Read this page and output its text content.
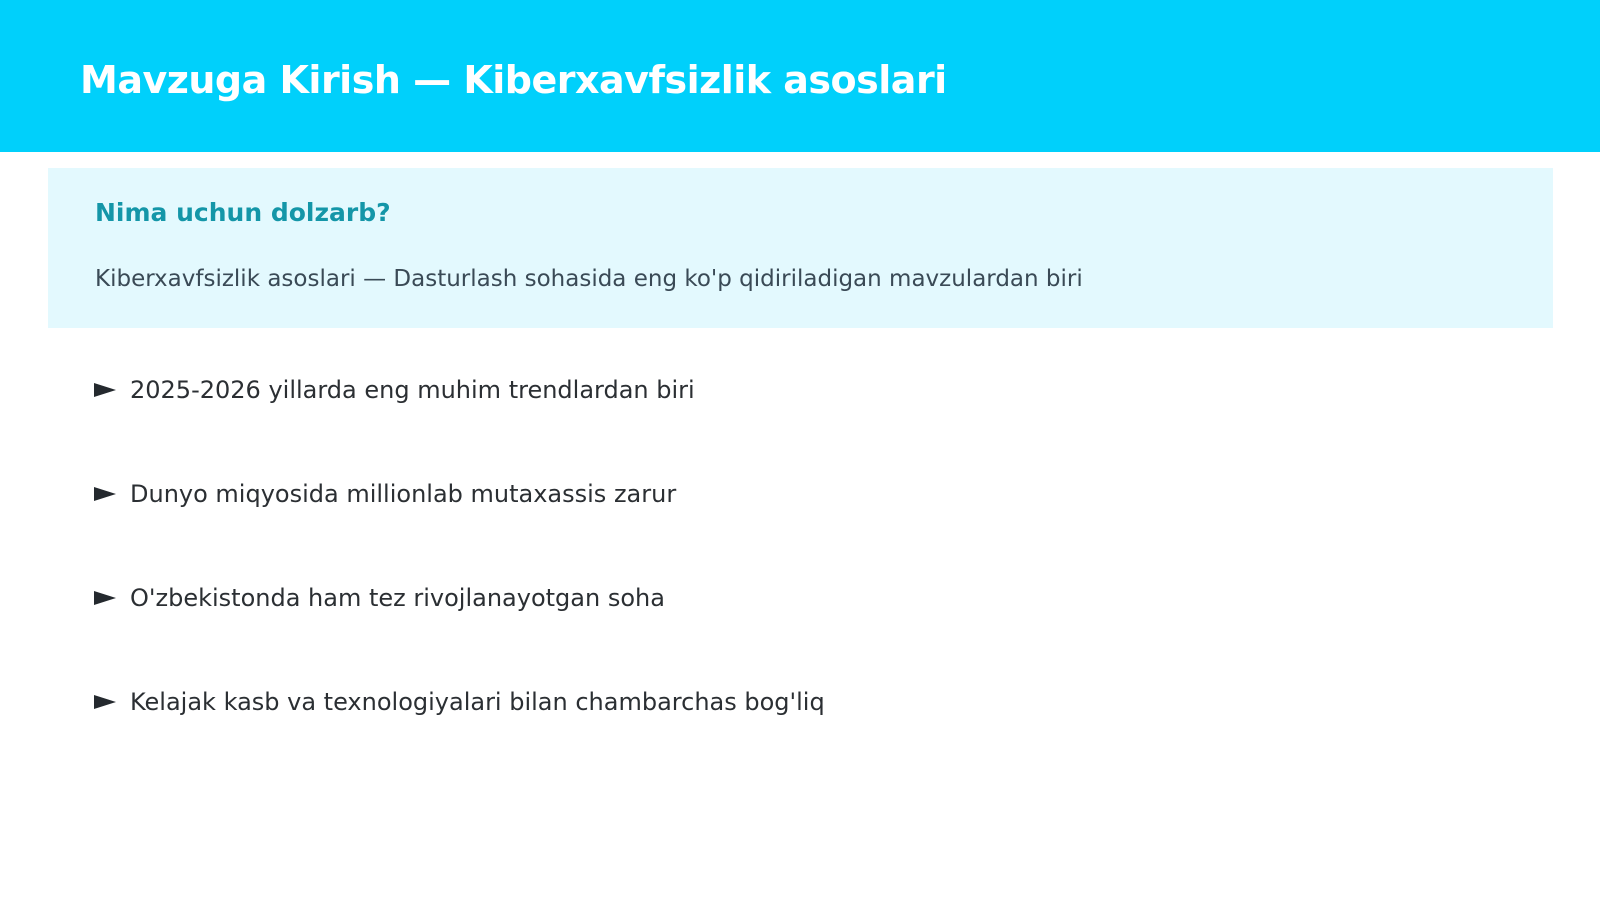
Mavzuga Kirish — Kiberxavfsizlik asoslari
Nima uchun dolzarb?

Kiberxavfsizlik asoslari — Dasturlash sohasida eng ko'p qidiriladigan mavzulardan biri

2025-2026 yillarda eng muhim trendlardan biri
Dunyo miqyosida millionlab mutaxassis zarur
O'zbekistonda ham tez rivojlanayotgan soha
Kelajak kasb va texnologiyalari bilan chambarchas bog'liq
